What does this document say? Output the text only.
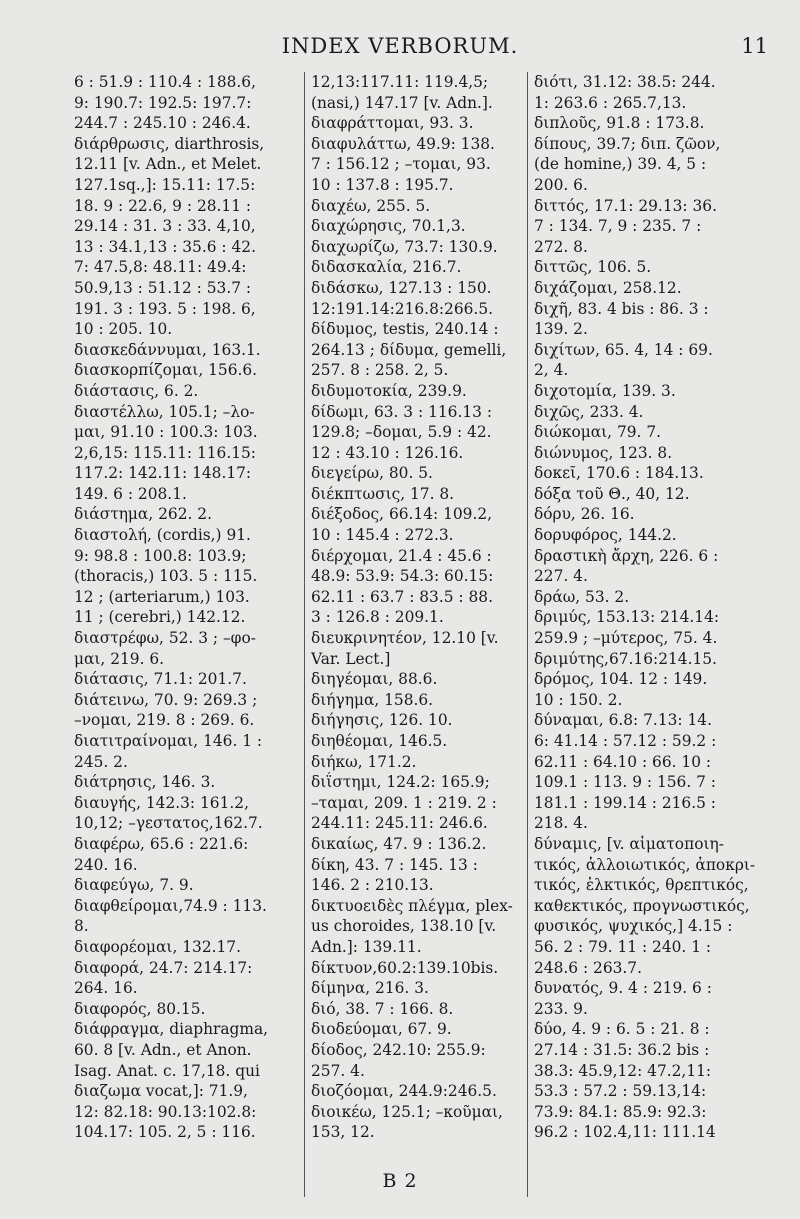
INDEX VERBORUM.	11
6 : 51.9 : 110.4 : 188.6,
9: 190.7: 192.5: 197.7:
244.7 : 245.10 : 246.4.
διάρθρωσις, diarthrosis,
12.11 [v. Adn., et Melet.
127.1sq.,]: 15.11: 17.5:
18. 9 : 22.6, 9 : 28.11 :
29.14 : 31. 3 : 33. 4,10,
13 : 34.1,13 : 35.6 : 42.
7: 47.5,8: 48.11: 49.4:
50.9,13 : 51.12 : 53.7 :
191. 3 : 193. 5 : 198. 6,
10 : 205. 10.
διασκεδάννυμαι, 163.1.
διασκορπίζομαι, 156.6.
διάστασις, 6. 2.
διαστέλλω, 105.1; –λο-
μαι, 91.10 : 100.3: 103.
2,6,15: 115.11: 116.15:
117.2: 142.11: 148.17:
149. 6 : 208.1.
διάστημα, 262. 2.
διαστολή, (cordis,) 91.
9: 98.8 : 100.8: 103.9;
(thoracis,) 103. 5 : 115.
12 ; (arteriarum,) 103.
11 ; (cerebri,) 142.12.
διαστρέφω, 52. 3 ; –φο-
μαι, 219. 6.
διάτασις, 71.1: 201.7.
διάτεινω, 70. 9: 269.3 ;
–νομαι, 219. 8 : 269. 6.
διατιτραίνομαι, 146. 1 :
245. 2.
διάτρησις, 146. 3.
διαυγής, 142.3: 161.2,
10,12; –γεστατος,162.7.
διαφέρω, 65.6 : 221.6:
240. 16.
διαφεύγω, 7. 9.
διαφθείρομαι,74.9 : 113.
8.
διαφορέομαι, 132.17.
διαφορά, 24.7: 214.17:
264. 16.
διαφορός, 80.15.
διάφραγμα, diaphragma,
60. 8 [v. Adn., et Anon.
Isag. Anat. c. 17,18. qui
διαζωμα vocat,]: 71.9,
12: 82.18: 90.13:102.8:
104.17: 105. 2, 5 : 116.
12,13:117.11: 119.4,5;
(nasi,) 147.17 [v. Adn.].
διαφράττομαι, 93. 3.
διαφυλάττω, 49.9: 138.
7 : 156.12 ; –τομαι, 93.
10 : 137.8 : 195.7.
διαχέω, 255. 5.
διαχώρησις, 70.1,3.
διαχωρίζω, 73.7: 130.9.
διδασκαλία, 216.7.
διδάσκω, 127.13 : 150.
12:191.14:216.8:266.5.
δίδυμος, testis, 240.14 :
264.13 ; δίδυμα, gemelli,
257. 8 : 258. 2, 5.
διδυμοτοκία, 239.9.
δίδωμι, 63. 3 : 116.13 :
129.8; –δομαι, 5.9 : 42.
12 : 43.10 : 126.16.
διεγείρω, 80. 5.
διέκπτωσις, 17. 8.
διέξοδος, 66.14: 109.2,
10 : 145.4 : 272.3.
διέρχομαι, 21.4 : 45.6 :
48.9: 53.9: 54.3: 60.15:
62.11 : 63.7 : 83.5 : 88.
3 : 126.8 : 209.1.
διευκρινητέον, 12.10 [v.
Var. Lect.]
διηγέομαι, 88.6.
διήγημα, 158.6.
διήγησις, 126. 10.
διηθέομαι, 146.5.
διήκω, 171.2.
διΐστημι, 124.2: 165.9;
–ταμαι, 209. 1 : 219. 2 :
244.11: 245.11: 246.6.
δικαίως, 47. 9 : 136.2.
δίκη, 43. 7 : 145. 13 :
146. 2 : 210.13.
δικτυοειδὲς πλέγμα, plex-
us choroides, 138.10 [v.
Adn.]: 139.11.
δίκτυον,60.2:139.10bis.
δίμηνα, 216. 3.
διό, 38. 7 : 166. 8.
διοδεύομαι, 67. 9.
δίοδος, 242.10: 255.9:
257. 4.
διοζόομαι, 244.9:246.5.
διοικέω, 125.1; –κοῦμαι,
153, 12.
διότι, 31.12: 38.5: 244.
1: 263.6 : 265.7,13.
διπλοῦς, 91.8 : 173.8.
δίπους, 39.7; διπ. ζῶον,
(de homine,) 39. 4, 5 :
200. 6.
διττός, 17.1: 29.13: 36.
7 : 134. 7, 9 : 235. 7 :
272. 8.
διττῶς, 106. 5.
διχάζομαι, 258.12.
διχῆ, 83. 4 bis : 86. 3 :
139. 2.
διχίτων, 65. 4, 14 : 69.
2, 4.
διχοτομία, 139. 3.
διχῶς, 233. 4.
διώκομαι, 79. 7.
διώνυμος, 123. 8.
δοκεῖ, 170.6 : 184.13.
δόξα τοῦ Θ., 40, 12.
δόρυ, 26. 16.
δορυφόρος, 144.2.
δραστικὴ ἄρχη, 226. 6 :
227. 4.
δράω, 53. 2.
δριμύς, 153.13: 214.14:
259.9 ; –μύτερος, 75. 4.
δριμύτης,67.16:214.15.
δρόμος, 104. 12 : 149.
10 : 150. 2.
δύναμαι, 6.8: 7.13: 14.
6: 41.14 : 57.12 : 59.2 :
62.11 : 64.10 : 66. 10 :
109.1 : 113. 9 : 156. 7 :
181.1 : 199.14 : 216.5 :
218. 4.
δύναμις, [v. αἱματοποιη-
τικός, ἀλλοιωτικός, ἀποκρι-
τικός, ἑλκτικός, θρεπτικός,
καθεκτικός, προγνωστικός,
φυσικός, ψυχικός,] 4.15 :
56. 2 : 79. 11 : 240. 1 :
248.6 : 263.7.
δυνατός, 9. 4 : 219. 6 :
233. 9.
δύο, 4. 9 : 6. 5 : 21. 8 :
27.14 : 31.5: 36.2 bis :
38.3: 45.9,12: 47.2,11:
53.3 : 57.2 : 59.13,14:
73.9: 84.1: 85.9: 92.3:
96.2 : 102.4,11: 111.14
B 2
